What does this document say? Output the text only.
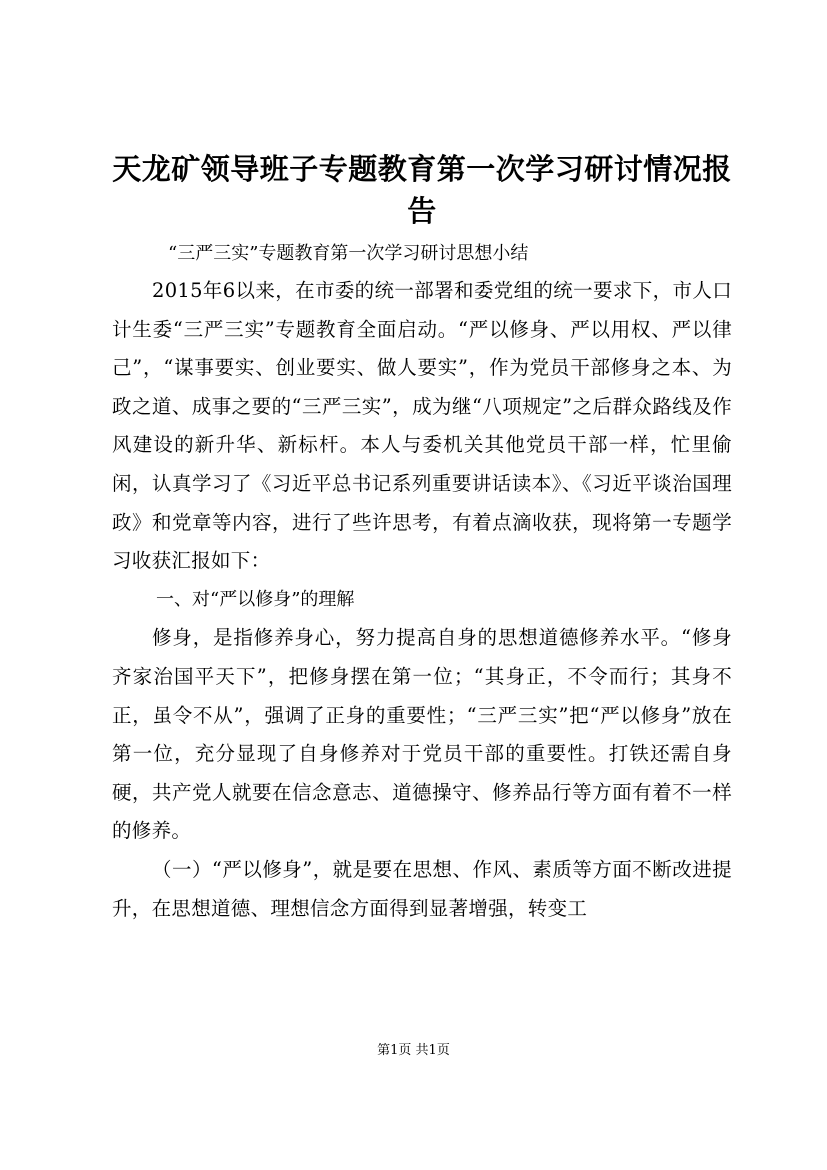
天龙矿领导班子专题教育第一次学习研讨情况报告

“三严三实”专题教育第一次学习研讨思想小结

2015年6以来，在市委的统一部署和委党组的统一要求下，市人口计生委“三严三实”专题教育全面启动。“严以修身、严以用权、严以律己”，“谋事要实、创业要实、做人要实”，作为党员干部修身之本、为政之道、成事之要的“三严三实”，成为继“八项规定”之后群众路线及作风建设的新升华、新标杆。本人与委机关其他党员干部一样，忙里偷闲，认真学习了《习近平总书记系列重要讲话读本》、《习近平谈治国理政》和党章等内容，进行了些许思考，有着点滴收获，现将第一专题学习收获汇报如下：

一、对“严以修身”的理解

修身，是指修养身心，努力提高自身的思想道德修养水平。“修身齐家治国平天下”，把修身摆在第一位；“其身正，不令而行；其身不正，虽令不从”，强调了正身的重要性；“三严三实”把“严以修身”放在第一位，充分显现了自身修养对于党员干部的重要性。打铁还需自身硬，共产党人就要在信念意志、道德操守、修养品行等方面有着不一样的修养。

（一）“严以修身”，就是要在思想、作风、素质等方面不断改进提升，在思想道德、理想信念方面得到显著增强，转变工

第1页 共1页
